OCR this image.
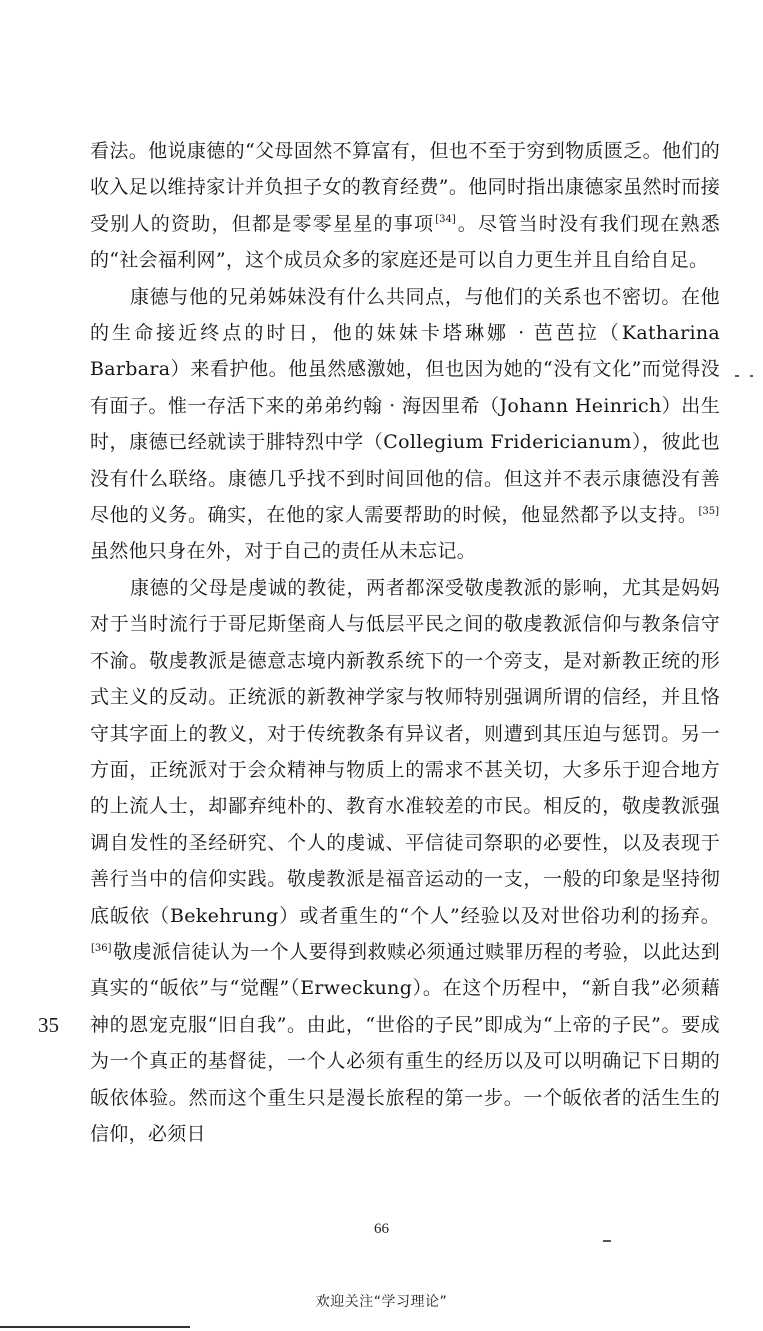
看法。他说康德的“父母固然不算富有，但也不至于穷到物质匮乏。他们的收入足以维持家计并负担子女的教育经费”。他同时指出康德家虽然时而接受别人的资助，但都是零零星星的事项[34]。尽管当时没有我们现在熟悉的“社会福利网”，这个成员众多的家庭还是可以自力更生并且自给自足。

康德与他的兄弟姊妹没有什么共同点，与他们的关系也不密切。在他的生命接近终点的时日，他的妹妹卡塔琳娜 · 芭芭拉（Katharina Barbara）来看护他。他虽然感激她，但也因为她的“没有文化”而觉得没有面子。惟一存活下来的弟弟约翰 · 海因里希（Johann Heinrich）出生时，康德已经就读于腓特烈中学（Collegium Fridericianum），彼此也没有什么联络。康德几乎找不到时间回他的信。但这并不表示康德没有善尽他的义务。确实，在他的家人需要帮助的时候，他显然都予以支持。[35]虽然他只身在外，对于自己的责任从未忘记。

康德的父母是虔诚的教徒，两者都深受敬虔教派的影响，尤其是妈妈对于当时流行于哥尼斯堡商人与低层平民之间的敬虔教派信仰与教条信守不渝。敬虔教派是德意志境内新教系统下的一个旁支，是对新教正统的形式主义的反动。正统派的新教神学家与牧师特别强调所谓的信经，并且恪守其字面上的教义，对于传统教条有异议者，则遭到其压迫与惩罚。另一方面，正统派对于会众精神与物质上的需求不甚关切，大多乐于迎合地方的上流人士，却鄙弃纯朴的、教育水准较差的市民。相反的，敬虔教派强调自发性的圣经研究、个人的虔诚、平信徒司祭职的必要性，以及表现于善行当中的信仰实践。敬虔教派是福音运动的一支，一般的印象是坚持彻底皈依（Bekehrung）或者重生的“个人”经验以及对世俗功利的扬弃。[36]敬虔派信徒认为一个人要得到救赎必须通过赎罪历程的考验，以此达到真实的“皈依”与“觉醒”（Erweckung）。在这个历程中，“新自我”必须藉神的恩宠克服“旧自我”。由此，“世俗的子民”即成为“上帝的子民”。要成为一个真正的基督徒，一个人必须有重生的经历以及可以明确记下日期的皈依体验。然而这个重生只是漫长旅程的第一步。一个皈依者的活生生的信仰，必须日

35
66
欢迎关注“学习理论”
